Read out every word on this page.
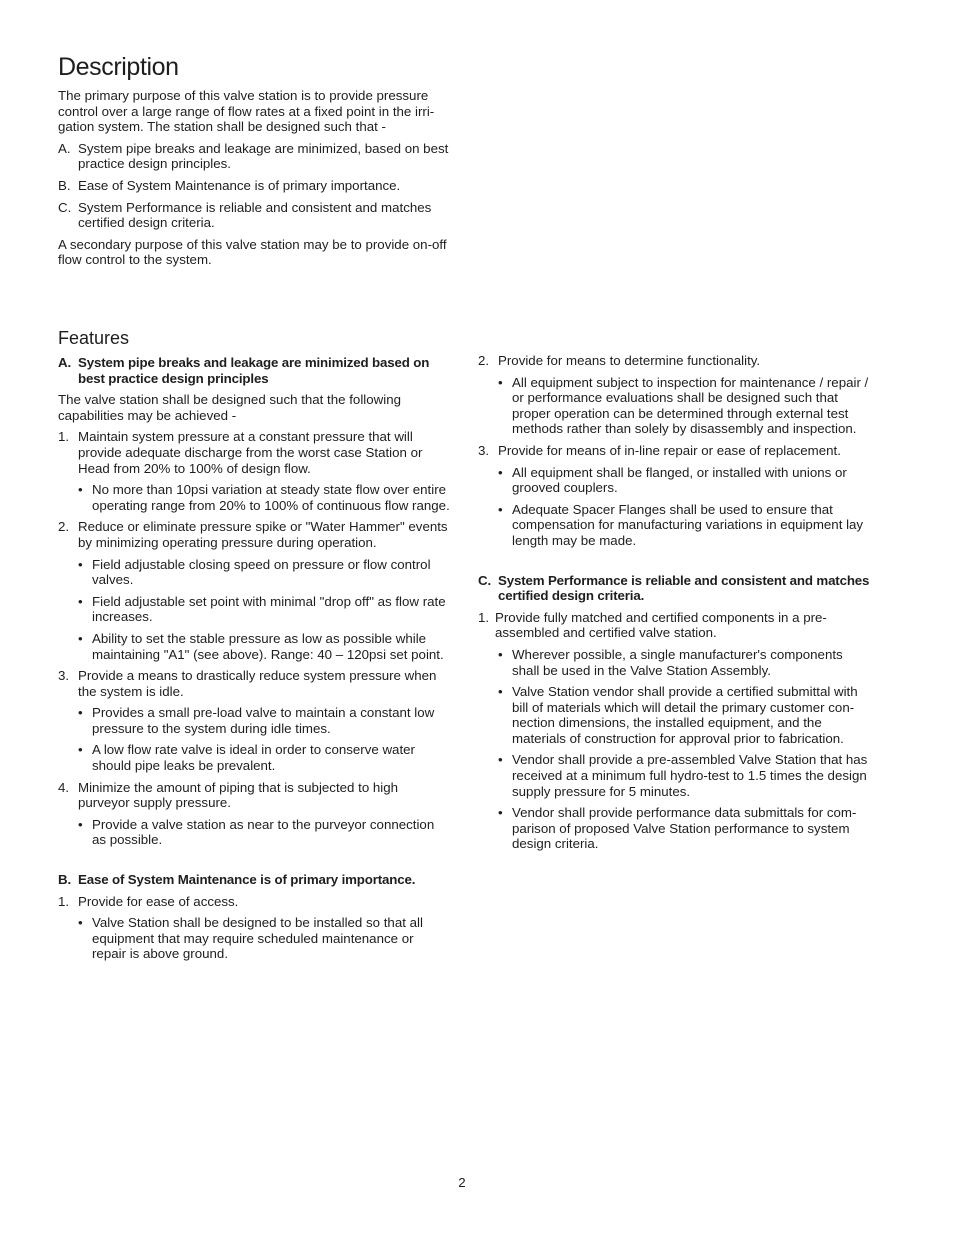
Description

The primary purpose of this valve station is to provide pressure control over a large range of flow rates at a fixed point in the irri-gation system. The station shall be designed such that -

A. System pipe breaks and leakage are minimized, based on best practice design principles.
B. Ease of System Maintenance is of primary importance.
C. System Performance is reliable and consistent and matches certified design criteria.

A secondary purpose of this valve station may be to provide on-off flow control to the system.

Features
A. System pipe breaks and leakage are minimized based on best practice design principles

The valve station shall be designed such that the following capabilities may be achieved -

1. Maintain system pressure at a constant pressure that will provide adequate discharge from the worst case Station or Head from 20% to 100% of design flow.
• No more than 10psi variation at steady state flow over entire operating range from 20% to 100% of continuous flow range.
2. Reduce or eliminate pressure spike or "Water Hammer" events by minimizing operating pressure during operation.
• Field adjustable closing speed on pressure or flow control valves.
• Field adjustable set point with minimal "drop off" as flow rate increases.
• Ability to set the stable pressure as low as possible while maintaining "A1" (see above). Range: 40 – 120psi set point.
3. Provide a means to drastically reduce system pressure when the system is idle.
• Provides a small pre-load valve to maintain a constant low pressure to the system during idle times.
• A low flow rate valve is ideal in order to conserve water should pipe leaks be prevalent.
4. Minimize the amount of piping that is subjected to high purveyor supply pressure.
• Provide a valve station as near to the purveyor connection as possible.
B. Ease of System Maintenance is of primary importance.
1. Provide for ease of access.
• Valve Station shall be designed to be installed so that all equipment that may require scheduled maintenance or repair is above ground.
2. Provide for means to determine functionality.
• All equipment subject to inspection for maintenance / repair / or performance evaluations shall be designed such that proper operation can be determined through external test methods rather than solely by disassembly and inspection.
3. Provide for means of in-line repair or ease of replacement.
• All equipment shall be flanged, or installed with unions or grooved couplers.
• Adequate Spacer Flanges shall be used to ensure that compensation for manufacturing variations in equipment lay length may be made.
C. System Performance is reliable and consistent and matches certified design criteria.
1. Provide fully matched and certified components in a pre-assembled and certified valve station.
• Wherever possible, a single manufacturer's components shall be used in the Valve Station Assembly.
• Valve Station vendor shall provide a certified submittal with bill of materials which will detail the primary customer con-nection dimensions, the installed equipment, and the materials of construction for approval prior to fabrication.
• Vendor shall provide a pre-assembled Valve Station that has received at a minimum full hydro-test to 1.5 times the design supply pressure for 5 minutes.
• Vendor shall provide performance data submittals for com-parison of proposed Valve Station performance to system design criteria.
2
